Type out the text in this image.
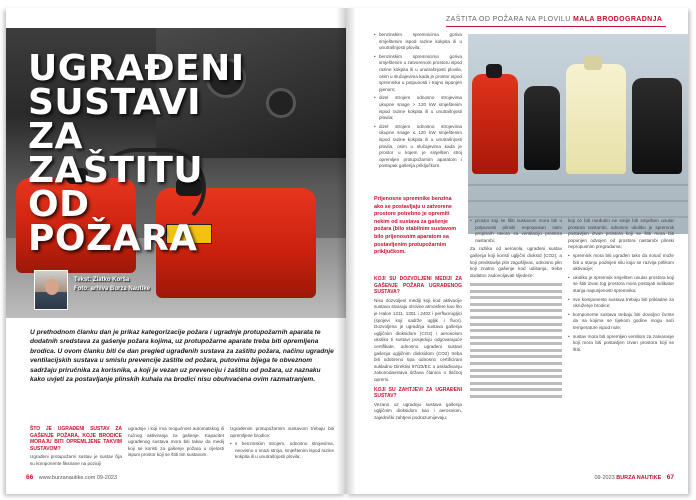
UGRAĐENI
SUSTAVI ZA
ZAŠTITU OD
POŽARA
Tekst: Zlatko Korša
Foto: arhiva Burza Nautike
U prethodnom članku dan je prikaz kategorizacije požara i ugradnje protupožarnih aparata te dodatnih sredstava za gašenje požara kojima, uz protupožarne aparate treba biti opremljena brodica. U ovom članku biti će dan pregled ugrađenih sustava za zaštitu požara, načinu ugradnje ventilacijskih sustava u smislu prevencije zaštite od požara, putovima bijega te obveznom sadržaju priručnika za korisnika, a koji je vezan uz prevenciju i zaštitu od požara, uz naznaku kako uvjeti za postavljanje plinskih kuhala na brodici nisu obuhvaćena ovim razmatranjem.
ŠTO JE UGRAĐENI SUSTAV ZA GAŠENJE POŽARA, KOJE BRODICE MORAJU BITI OPREMLJENE TAKVIM SUSTAVOM?

Ugrađeni protupožarni sustav je sustav čija su komponente fiksirane na poziciji

ugradnje i koji ima mogućnost automatskog ili ručnog aktiviranja za gašenje. Kapacitet ugrađenog sustava mora biti takav da medij koji se koristi za gašenje požara u cijelosti ispuni prostor koji se štiti tim sustavom.

Ugrađenim protupožarnim sustavom trebaju biti opremljene brodice:

• s benzinskim strojem, odnosno strojevima, neovisno o snazi stroja, smještenim ispod razine kokpita ili u unutrašnjosti plovila;
66 www.burzanautike.com 09-2023
ZAŠTITA OD POŽARA NA PLOVILU MALA BRODOGRADNJA
• benzinskim spremnicima goriva smještenim ispod razine kokpita ili u unutrašnjosti plovila;
• benzinskim spremnicima goriva smještenim u zatvorenom prostoru ispod razine kokpita ili u unutrašnjosti plovila, osim u slučajevima kada je prostor ispod spremnika u potpunosti i trajno ispunjen pjenom;
• dizel strojem odnosno strojevima ukupne snage > 120 kW smještenim ispod razine kokpita ili u unutrašnjosti plovila;
• dizel strojem odnosno strojevima ukupne snage ≤ 120 kW smještenim ispod razine kokpita ili u unutrašnjosti plovila, osim u slučajevima kada je prostor u kojem je smješten stroj opremljen protupožarnim aparatom i postupak gašenja priključkom.
Prijenosne spremnike benzina ako se postavljaju u zatvorene prostore potrebno je opremiti nekim od sustava za gašenje požara (bilo stabilnim sustavom bilo prijenosnim aparatom sa postavljenim protupožarnim priključkom.
KOJI SU DOZVOLJENI MEDIJI ZA GAŠENJE POŽARA UGRAĐENOG SUSTAVA?

Nisu dozvoljeni mediji koji kod aktivacije sustava stvaraju otrovne atmosfere kao što je Halon 1211, 1301 i 2402 i perfluorugljici (spojevi koji sadrže ugljik i fluor). Dozvoljena je ugradnja sustava gašenja ugljičnim dioksidom (CO2) i aerosolom ukoliko ti sustavi posjeduju odgovarajuće certifikate, odnosno ugrađeni sustavi gašenja ugljičnim dioksidom (CO2) treba biti odobreno tipa odnosno certificirani sukladno Direktivi 97/23/EC o usklađivanju zakonodavstava država članica o tlačnoj opremi.

KOJI SU ZAHTJEVI ZA UGRAĐENI SUSTAV?

Vezano uz ugradnju sustava gašenja ugljičnim dioksidom kao i aerosolom, zajednički zahtjevi podrazumijevaju:

• prostor koji se štiti sustavom mora biti u potpunosti plinski nepropusan osim propisnih otvora za ventilaciju prostora nastambi;

Za razliku od aerosola, ugrađeni sustav gašenja koji koristi ugljični dioksid (CO2), a koji predstavlja plin zagušljivac, odnosno plin koji znatno gašenje kod udisanja, treba dodatno zadovoljavati sljedeće:

koji će biti međutim ne smije biti smješten unutar prostora nastambi, odnosno ukoliko je spremnik postavljen izvan prostora koji se štiti mora biti popunjen odvojen od prostora nastambi plinski nepropusnim pregradama;

• spremnik mora biti ugrađen tako da nosač može biti u stanju podnijeti silu koja se razvija prilikom aktivacije;
• ukoliko je spremnik smješten unutar prostora koji se štiti izvan tog prostora mora postojati indikator stanja napunjenosti spremnika;
• sve komponente sustava trebaju biti prikladne za okruženje brodice;
• komponente sustava trebaju biti dovoljno čvrste da na kojima se tijekom godine mogu naći temperature ispod nule;
• sustav mora biti opremljen ventilom za zatvaranje koji mora biti postavljen izvan prostora koji se štiti.
09-2023 BURZA NAUTIKE 67
